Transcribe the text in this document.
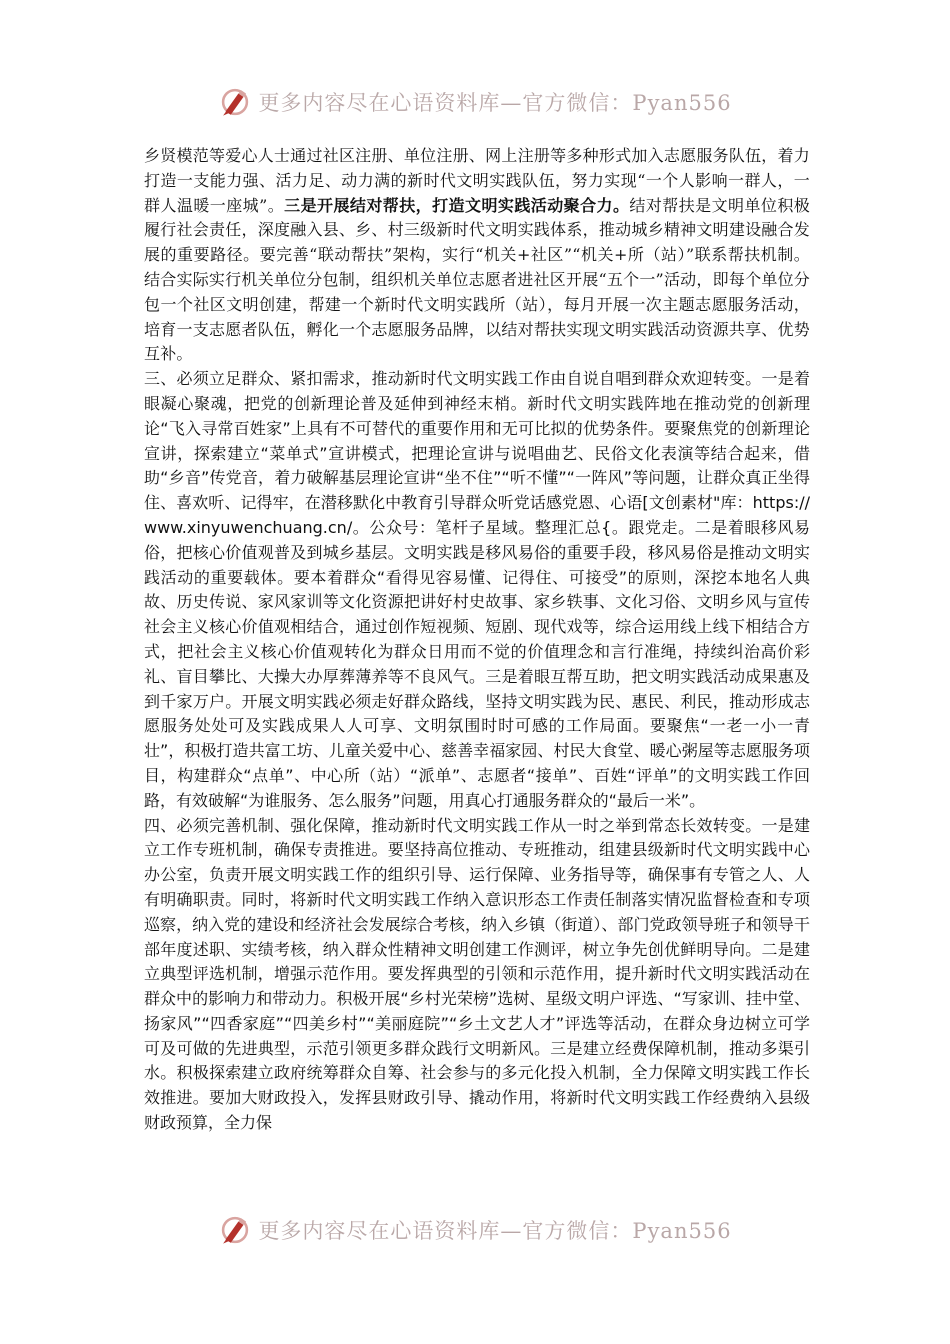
更多内容尽在心语资料库—官方微信：Pyan556

乡贤模范等爱心人士通过社区注册、单位注册、网上注册等多种形式加入志愿服务队伍，着力打造一支能力强、活力足、动力满的新时代文明实践队伍，努力实现“一个人影响一群人，一群人温暖一座城”。三是开展结对帮扶，打造文明实践活动聚合力。结对帮扶是文明单位积极履行社会责任，深度融入县、乡、村三级新时代文明实践体系，推动城乡精神文明建设融合发展的重要路径。要完善“联动帮扶”架构，实行“机关+社区”“机关+所（站）”联系帮扶机制。结合实际实行机关单位分包制，组织机关单位志愿者进社区开展“五个一”活动，即每个单位分包一个社区文明创建，帮建一个新时代文明实践所（站），每月开展一次主题志愿服务活动，培育一支志愿者队伍，孵化一个志愿服务品牌，以结对帮扶实现文明实践活动资源共享、优势互补。

三、必须立足群众、紧扣需求，推动新时代文明实践工作由自说自唱到群众欢迎转变。一是着眼凝心聚魂，把党的创新理论普及延伸到神经末梢。新时代文明实践阵地在推动党的创新理论“飞入寻常百姓家”上具有不可替代的重要作用和无可比拟的优势条件。要聚焦党的创新理论宣讲，探索建立“菜单式”宣讲模式，把理论宣讲与说唱曲艺、民俗文化表演等结合起来，借助“乡音”传党音，着力破解基层理论宣讲“坐不住”“听不懂”“一阵风”等问题，让群众真正坐得住、喜欢听、记得牢，在潜移默化中教育引导群众听党话感党恩、心语[文创素材"库：https://www.xinyuwenchuang.cn/。公众号：笔杆子星域。整理汇总{。跟党走。二是着眼移风易俗，把核心价值观普及到城乡基层。文明实践是移风易俗的重要手段，移风易俗是推动文明实践活动的重要载体。要本着群众“看得见容易懂、记得住、可接受”的原则，深挖本地名人典故、历史传说、家风家训等文化资源把讲好村史故事、家乡轶事、文化习俗、文明乡风与宣传社会主义核心价值观相结合，通过创作短视频、短剧、现代戏等，综合运用线上线下相结合方式，把社会主义核心价值观转化为群众日用而不觉的价值理念和言行准绳，持续纠治高价彩礼、盲目攀比、大操大办厚葬薄养等不良风气。三是着眼互帮互助，把文明实践活动成果惠及到千家万户。开展文明实践必须走好群众路线，坚持文明实践为民、惠民、利民，推动形成志愿服务处处可及实践成果人人可享、文明氛围时时可感的工作局面。要聚焦“一老一小一青壮”，积极打造共富工坊、儿童关爱中心、慈善幸福家园、村民大食堂、暖心粥屋等志愿服务项目，构建群众“点单”、中心所（站）“派单”、志愿者“接单”、百姓“评单”的文明实践工作回路，有效破解“为谁服务、怎么服务”问题，用真心打通服务群众的“最后一米”。

四、必须完善机制、强化保障，推动新时代文明实践工作从一时之举到常态长效转变。一是建立工作专班机制，确保专责推进。要坚持高位推动、专班推动，组建县级新时代文明实践中心办公室，负责开展文明实践工作的组织引导、运行保障、业务指导等，确保事有专管之人、人有明确职责。同时，将新时代文明实践工作纳入意识形态工作责任制落实情况监督检查和专项巡察，纳入党的建设和经济社会发展综合考核，纳入乡镇（街道）、部门党政领导班子和领导干部年度述职、实绩考核，纳入群众性精神文明创建工作测评，树立争先创优鲜明导向。二是建立典型评选机制，增强示范作用。要发挥典型的引领和示范作用，提升新时代文明实践活动在群众中的影响力和带动力。积极开展“乡村光荣榜”选树、星级文明户评选、“写家训、挂中堂、扬家风”“四香家庭”“四美乡村”“美丽庭院”“乡土文艺人才”评选等活动，在群众身边树立可学可及可做的先进典型，示范引领更多群众践行文明新风。三是建立经费保障机制，推动多渠引水。积极探索建立政府统筹群众自筹、社会参与的多元化投入机制，全力保障文明实践工作长效推进。要加大财政投入，发挥县财政引导、撬动作用，将新时代文明实践工作经费纳入县级财政预算，全力保

更多内容尽在心语资料库—官方微信：Pyan556
